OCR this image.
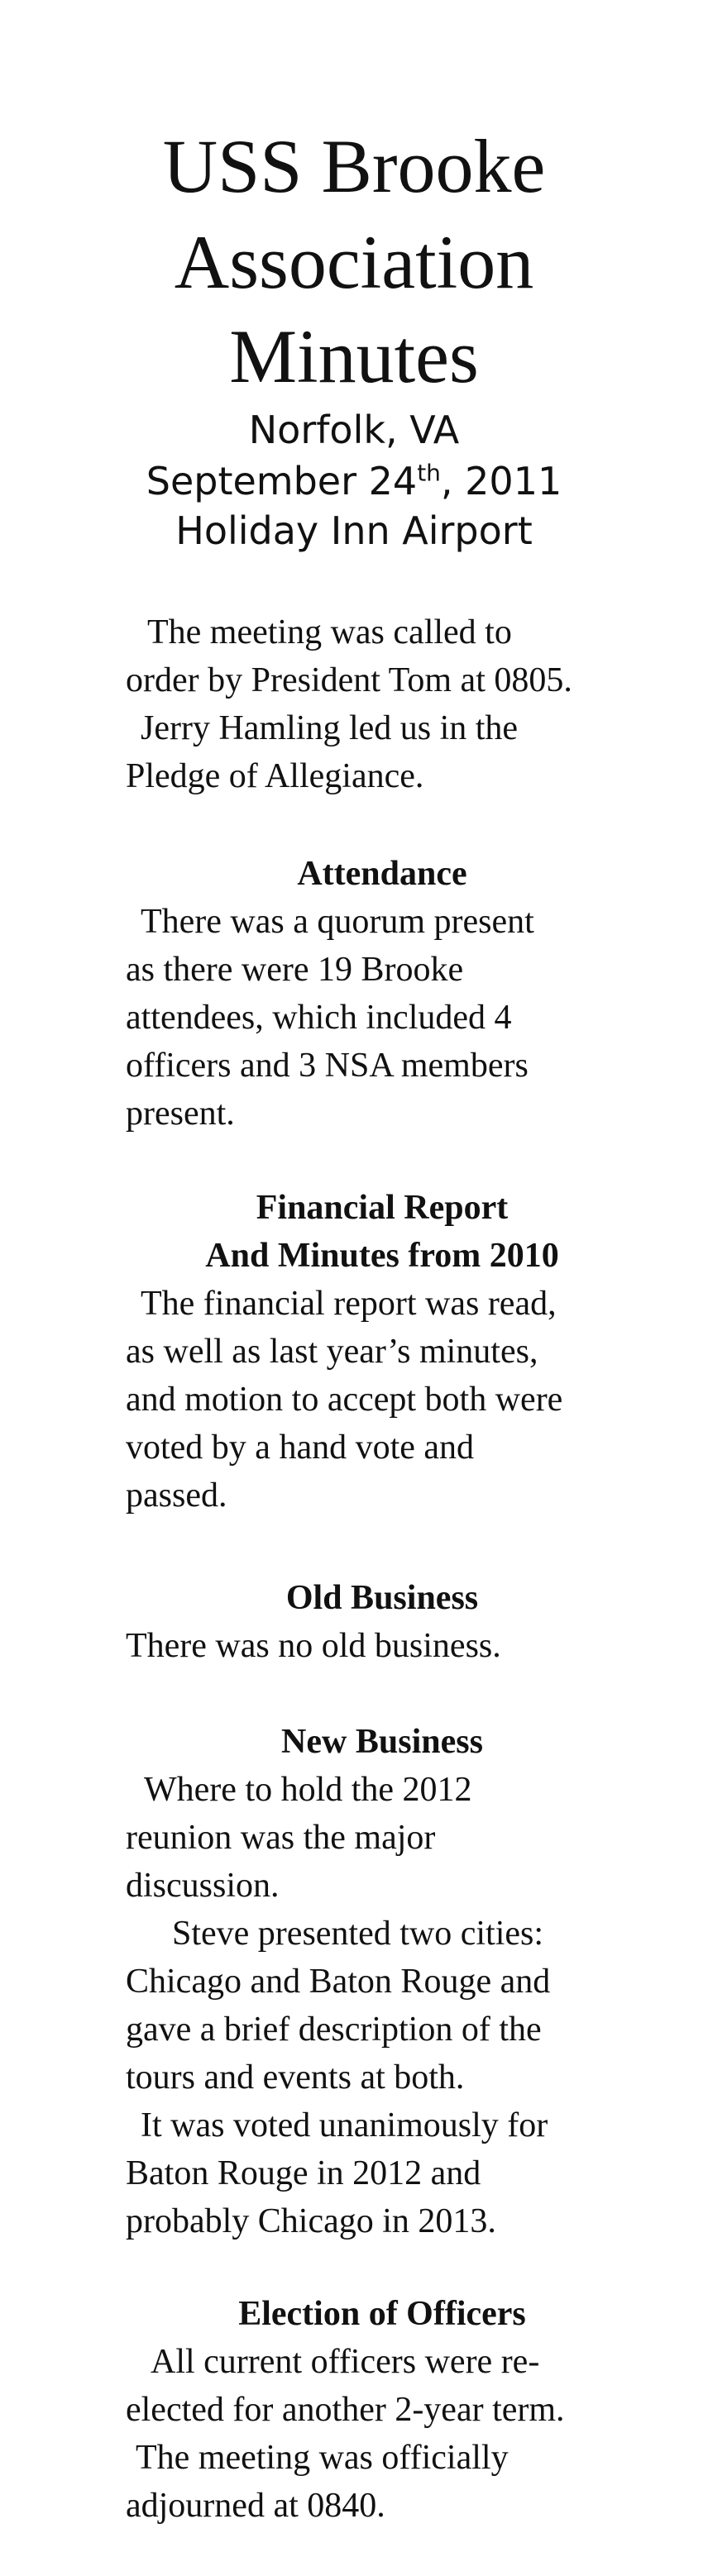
USS Brooke
Association
Minutes

Norfolk, VA

September 24th, 2011

Holiday Inn Airport

The meeting was called to
order by President Tom at 0805.
Jerry Hamling led us in the
Pledge of Allegiance.
Attendance
There was a quorum present
as there were 19 Brooke
attendees, which included 4
officers and 3 NSA members
present.
Financial Report
And Minutes from 2010
The financial report was read,
as well as last year’s minutes,
and motion to accept both were
voted by a hand vote and
passed.
Old Business
There was no old business.
New Business
Where to hold the 2012
reunion was the major
discussion.
Steve presented two cities:
Chicago and Baton Rouge and
gave a brief description of the
tours and events at both.
It was voted unanimously for
Baton Rouge in 2012 and
probably Chicago in 2013.
Election of Officers
All current officers were re-
elected for another 2-year term.
The meeting was officially
adjourned at 0840.
